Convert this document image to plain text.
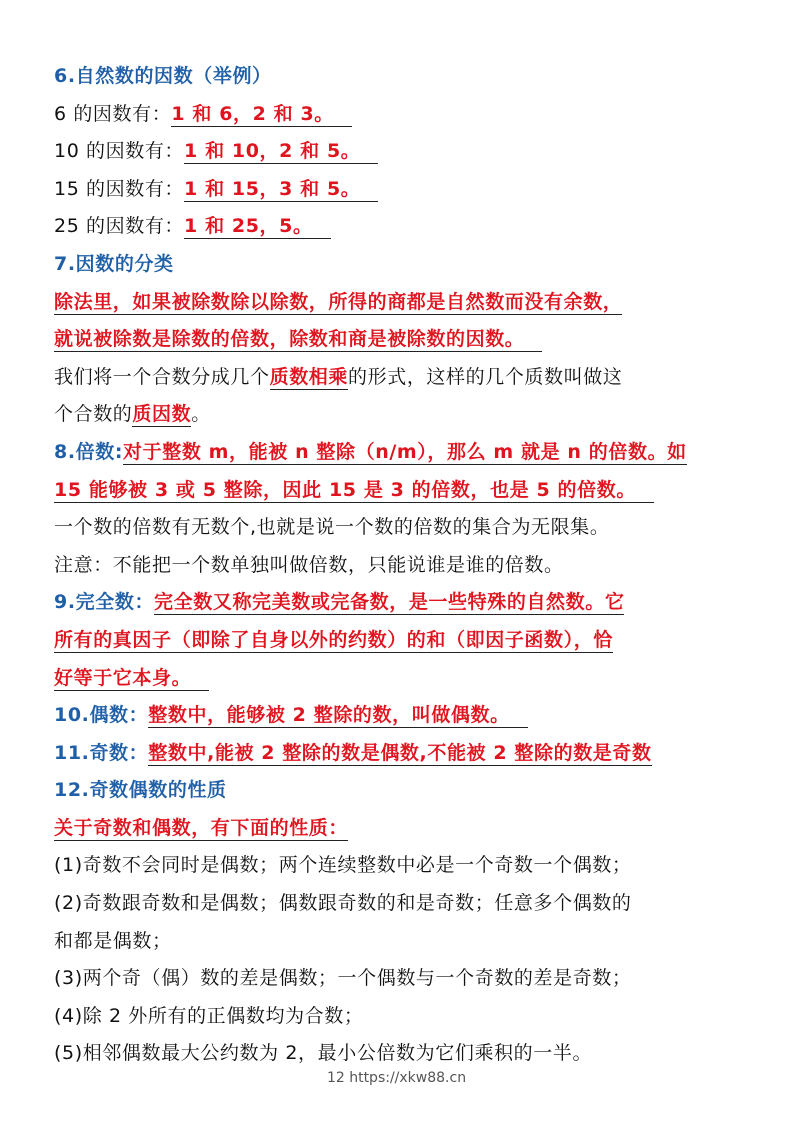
6.自然数的因数（举例）
6 的因数有：1 和 6，2 和 3。
10 的因数有：1 和 10，2 和 5。
15 的因数有：1 和 15，3 和 5。
25 的因数有：1 和 25，5。
7.因数的分类
除法里，如果被除数除以除数，所得的商都是自然数而没有余数，
就说被除数是除数的倍数，除数和商是被除数的因数。
我们将一个合数分成几个质数相乘的形式，这样的几个质数叫做这
个合数的质因数。
8.倍数:对于整数 m，能被 n 整除（n/m），那么 m 就是 n 的倍数。如
15 能够被 3 或 5 整除，因此 15 是 3 的倍数，也是 5 的倍数。
一个数的倍数有无数个,也就是说一个数的倍数的集合为无限集。
注意：不能把一个数单独叫做倍数，只能说谁是谁的倍数。
9.完全数：完全数又称完美数或完备数，是一些特殊的自然数。它
所有的真因子（即除了自身以外的约数）的和（即因子函数），恰
好等于它本身。
10.偶数：整数中，能够被 2 整除的数，叫做偶数。
11.奇数：整数中,能被 2 整除的数是偶数,不能被 2 整除的数是奇数
12.奇数偶数的性质
关于奇数和偶数，有下面的性质：
(1)奇数不会同时是偶数；两个连续整数中必是一个奇数一个偶数；
(2)奇数跟奇数和是偶数；偶数跟奇数的和是奇数；任意多个偶数的
和都是偶数；
(3)两个奇（偶）数的差是偶数；一个偶数与一个奇数的差是奇数；
(4)除 2 外所有的正偶数均为合数；
(5)相邻偶数最大公约数为 2，最小公倍数为它们乘积的一半。
12 https://xkw88.cn
